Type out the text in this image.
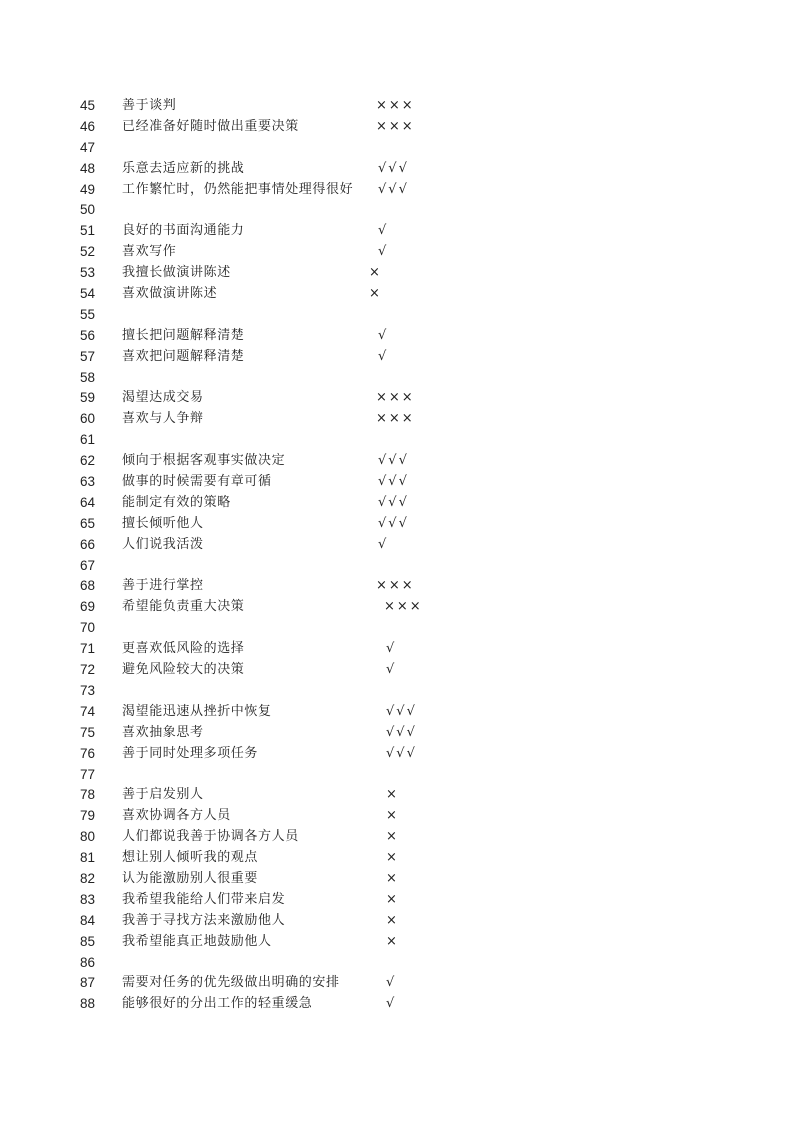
45	善于谈判	×××
46	已经准备好随时做出重要决策	×××
47
48	乐意去适应新的挑战	√√√
49	工作繁忙时，仍然能把事情处理得很好 √√√
50
51	良好的书面沟通能力	√
52	喜欢写作	√
53	我擅长做演讲陈述	×
54	喜欢做演讲陈述	×
55
56	擅长把问题解释清楚	√
57	喜欢把问题解释清楚	√
58
59	渴望达成交易	×××
60	喜欢与人争辩	×××
61
62	倾向于根据客观事实做决定	√√√
63	做事的时候需要有章可循	√√√
64	能制定有效的策略	√√√
65	擅长倾听他人	√√√
66	人们说我活泼	√
67
68	善于进行掌控	×××
69	希望能负责重大决策	×××
70
71	更喜欢低风险的选择	√
72	避免风险较大的决策	√
73
74	渴望能迅速从挫折中恢复	√√√
75	喜欢抽象思考	√√√
76	善于同时处理多项任务	√√√
77
78	善于启发别人	×
79	喜欢协调各方人员	×
80	人们都说我善于协调各方人员	×
81	想让别人倾听我的观点	×
82	认为能激励别人很重要	×
83	我希望我能给人们带来启发	×
84	我善于寻找方法来激励他人	×
85	我希望能真正地鼓励他人	×
86
87	需要对任务的优先级做出明确的安排	√
88	能够很好的分出工作的轻重缓急	√
